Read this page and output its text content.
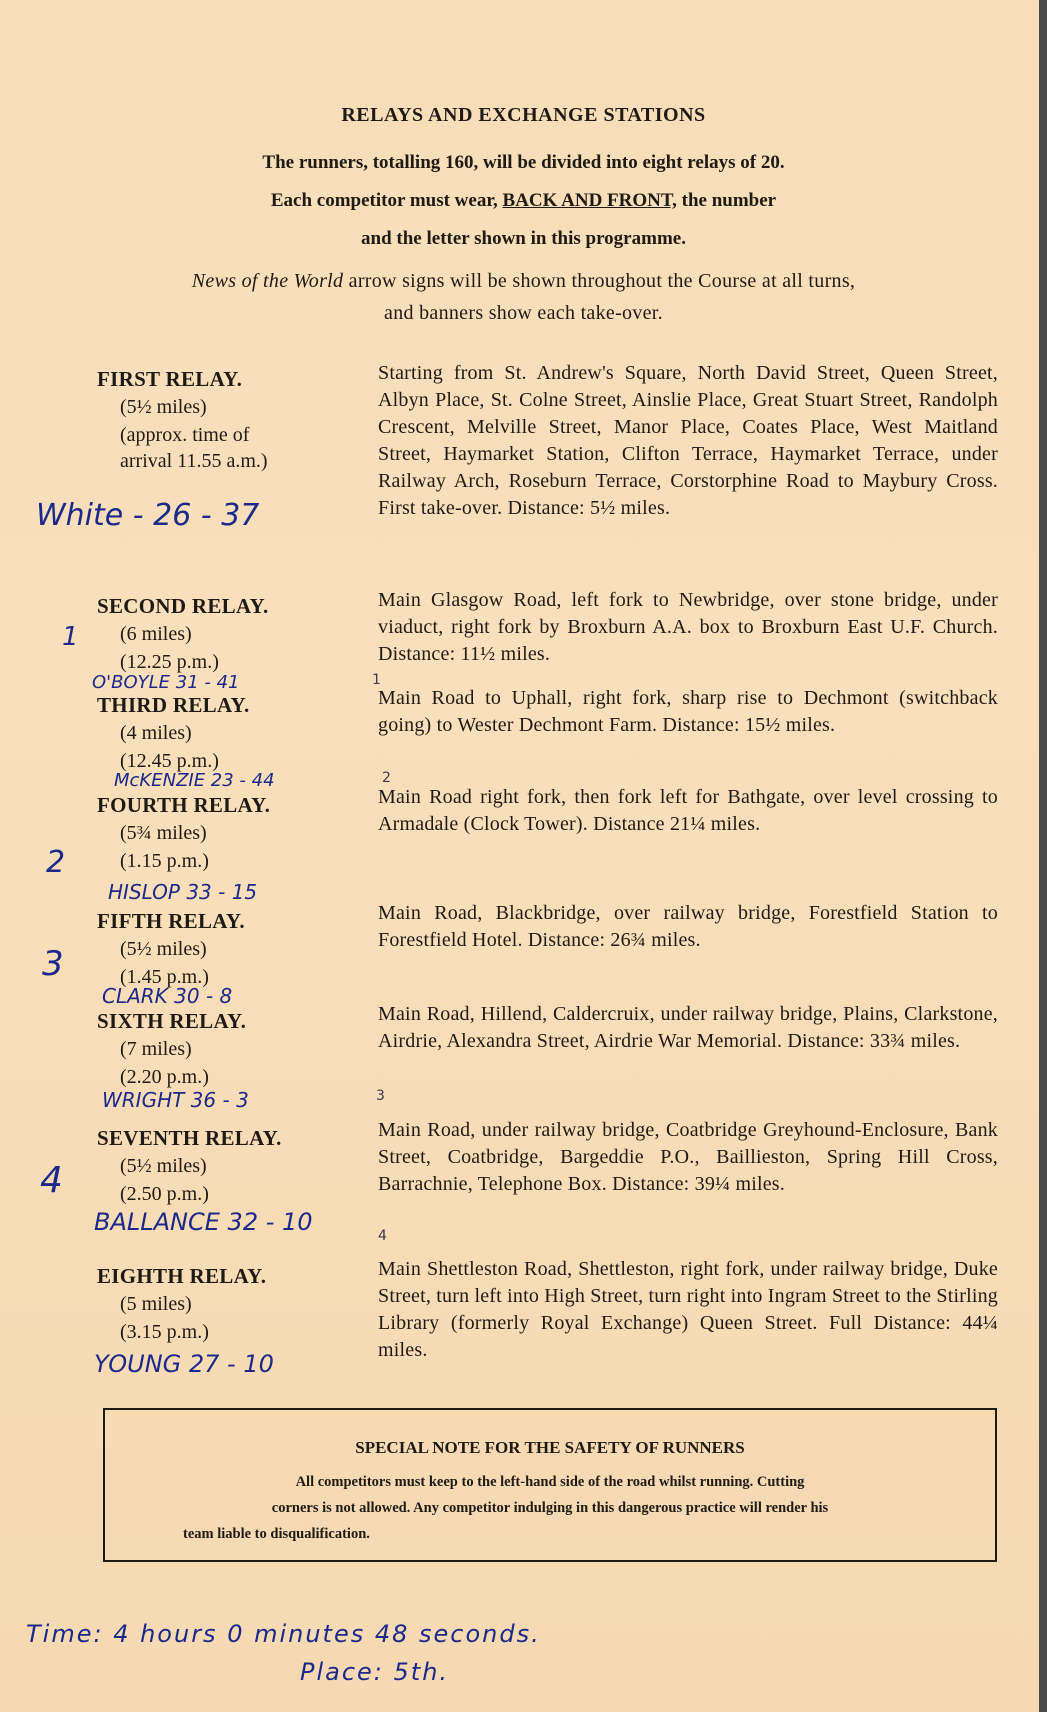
RELAYS AND EXCHANGE STATIONS
The runners, totalling 160, will be divided into eight relays of 20.
Each competitor must wear, BACK AND FRONT, the number
and the letter shown in this programme.
News of the World arrow signs will be shown throughout the Course at all turns,
and banners show each take-over.
FIRST RELAY.
(5½ miles)
(approx. time of
arrival 11.55 a.m.)
Starting from St. Andrew's Square, North David Street, Queen Street, Albyn Place, St. Colne Street, Ainslie Place, Great Stuart Street, Randolph Crescent, Melville Street, Manor Place, Coates Place, West Maitland Street, Haymarket Station, Clifton Terrace, Haymarket Terrace, under Railway Arch, Roseburn Terrace, Corstorphine Road to Maybury Cross. First take-over. Distance: 5½ miles.
White - 26 - 37
SECOND RELAY.
(6 miles)
(12.25 p.m.)
Main Glasgow Road, left fork to Newbridge, over stone bridge, under viaduct, right fork by Broxburn A.A. box to Broxburn East U.F. Church. Distance: 11½ miles.
O'BOYLE 31 - 41
THIRD RELAY.
(4 miles)
(12.45 p.m.)
Main Road to Uphall, right fork, sharp rise to Dechmont (switchback going) to Wester Dechmont Farm. Distance: 15½ miles.
McKENZIE 23 - 44
FOURTH RELAY.
(5¾ miles)
(1.15 p.m.)
Main Road right fork, then fork left for Bathgate, over level crossing to Armadale (Clock Tower). Distance 21¼ miles.
HISLOP 33 - 15
FIFTH RELAY.
(5½ miles)
(1.45 p.m.)
Main Road, Blackbridge, over railway bridge, Forestfield Station to Forestfield Hotel. Distance: 26¾ miles.
CLARK 30 - 8
SIXTH RELAY.
(7 miles)
(2.20 p.m.)
Main Road, Hillend, Caldercruix, under railway bridge, Plains, Clarkstone, Airdrie, Alexandra Street, Airdrie War Memorial. Distance: 33¾ miles.
WRIGHT 36 - 3
SEVENTH RELAY.
(5½ miles)
(2.50 p.m.)
Main Road, under railway bridge, Coatbridge Greyhound-Enclosure, Bank Street, Coatbridge, Bargeddie P.O., Baillieston, Spring Hill Cross, Barrachnie, Telephone Box. Distance: 39¼ miles.
BALLANCE 32 - 10
EIGHTH RELAY.
(5 miles)
(3.15 p.m.)
Main Shettleston Road, Shettleston, right fork, under railway bridge, Duke Street, turn left into High Street, turn right into Ingram Street to the Stirling Library (formerly Royal Exchange) Queen Street. Full Distance: 44¼ miles.
YOUNG 27 - 10
1
2
3
4
1
2
3
4
SPECIAL NOTE FOR THE SAFETY OF RUNNERS
All competitors must keep to the left-hand side of the road whilst running. Cutting
corners is not allowed. Any competitor indulging in this dangerous practice will render his
team liable to disqualification.
Time: 4 hours 0 minutes 48 seconds.
Place: 5th.
